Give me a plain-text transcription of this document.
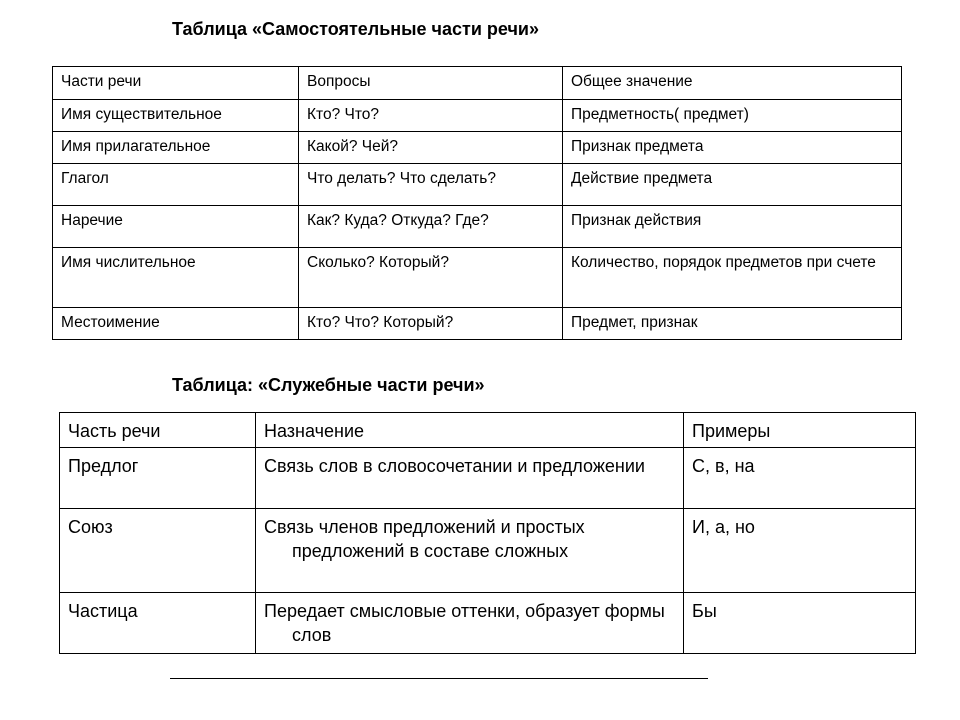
Таблица «Самостоятельные части речи»
Части речи	Вопросы	Общее значение
Имя существительное	Кто? Что?	Предметность( предмет)
Имя прилагательное	Какой? Чей?	Признак предмета
Глагол	Что делать? Что сделать?	Действие предмета
Наречие	Как? Куда? Откуда? Где?	Признак действия
Имя числительное	Сколько? Который?	Количество, порядок предметов при счете
Местоимение	Кто? Что? Который?	Предмет, признак
Таблица: «Служебные части речи»
Часть речи	Назначение	Примеры
Предлог	Связь слов в словосочетании и предложении	С, в, на
Союз	Связь членов предложений и простых предложений в составе сложных	И, а, но
Частица	Передает смысловые оттенки, образует формы слов	Бы
